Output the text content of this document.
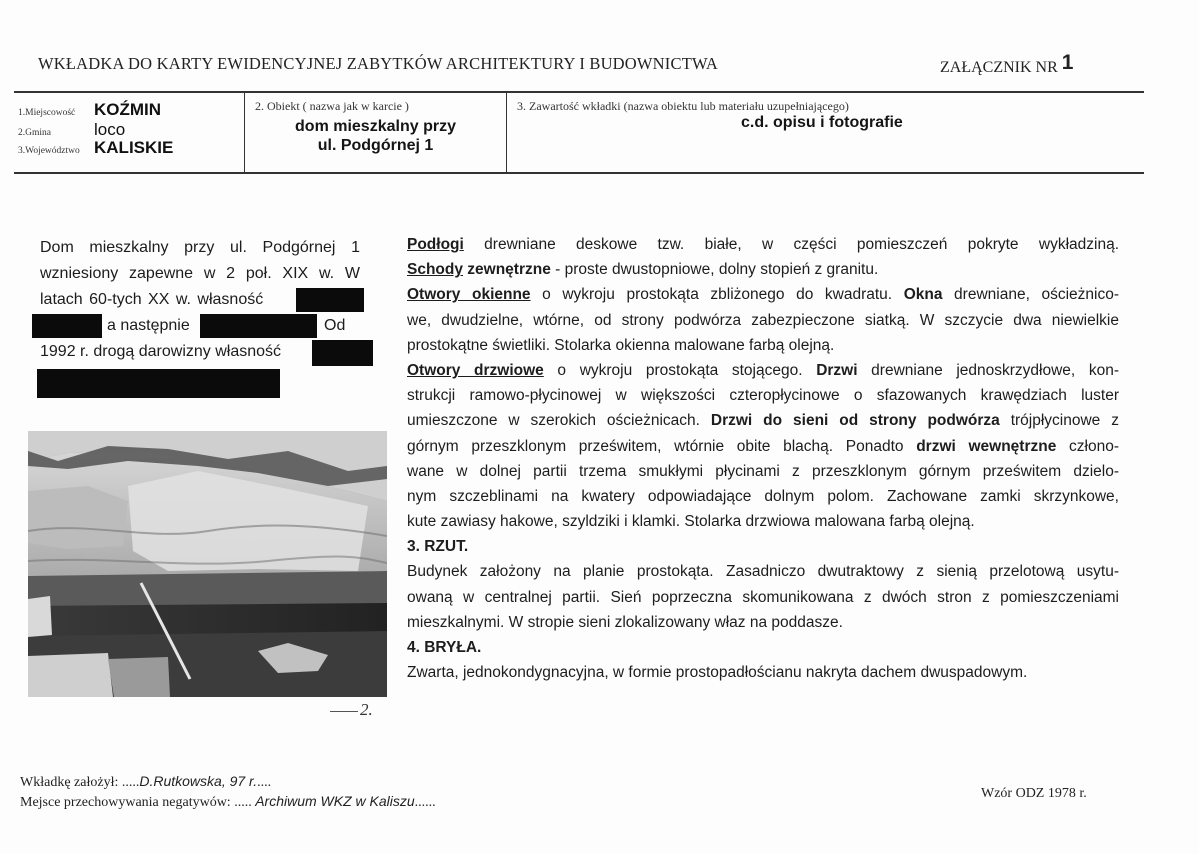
WKŁADKA DO KARTY EWIDENCYJNEJ ZABYTKÓW ARCHITEKTURY I BUDOWNICTWA	ZAŁĄCZNIK NR 1
1.Miejscowość	KOŹMIN
2.Gmina	loco
3.Województwo KALISKIE
2. Obiekt ( nazwa jak w karcie )
dom mieszkalny przy
ul. Podgórnej 1
3. Zawartość wkładki (nazwa obiektu lub materiału uzupełniającego)
c.d. opisu i fotografie
Dom mieszkalny przy ul. Podgórnej 1
wzniesiony zapewne w 2 poł. XIX w. W
latach 60-tych XX w. własność
a następnie	Od
1992 r. drogą darowizny własność
2.

Podłogi drewniane deskowe tzw. białe, w części pomieszczeń pokryte wykładziną.

Schody zewnętrzne - proste dwustopniowe, dolny stopień z granitu.

Otwory okienne o wykroju prostokąta zbliżonego do kwadratu. Okna drewniane, ościeżnico-

we, dwudzielne, wtórne, od strony podwórza zabezpieczone siatką. W szczycie dwa niewielkie

prostokątne świetliki. Stolarka okienna malowane farbą olejną.

Otwory drzwiowe o wykroju prostokąta stojącego. Drzwi drewniane jednoskrzydłowe, kon-

strukcji ramowo-płycinowej w większości czteropłycinowe o sfazowanych krawędziach luster

umieszczone w szerokich ościeżnicach. Drzwi do sieni od strony podwórza trójpłycinowe z

górnym przeszklonym prześwitem, wtórnie obite blachą. Ponadto drzwi wewnętrzne człono-

wane w dolnej partii trzema smukłymi płycinami z przeszklonym górnym prześwitem dzielo-

nym szczeblinami na kwatery odpowiadające dolnym polom. Zachowane zamki skrzynkowe,

kute zawiasy hakowe, szyldziki i klamki. Stolarka drzwiowa malowana farbą olejną.

3. RZUT.

Budynek założony na planie prostokąta. Zasadniczo dwutraktowy z sienią przelotową usytu-

owaną w centralnej partii. Sień poprzeczna skomunikowana z dwóch stron z pomieszczeniami

mieszkalnymi. W stropie sieni zlokalizowany właz na poddasze.

4. BRYŁA.

Zwarta, jednokondygnacyjna, w formie prostopadłościanu nakryta dachem dwuspadowym.

Wkładkę założył: .....D.Rutkowska, 97 r.....
Mejsce przechowywania negatywów: ..... Archiwum WKZ w Kaliszu......
Wzór ODZ 1978 r.
